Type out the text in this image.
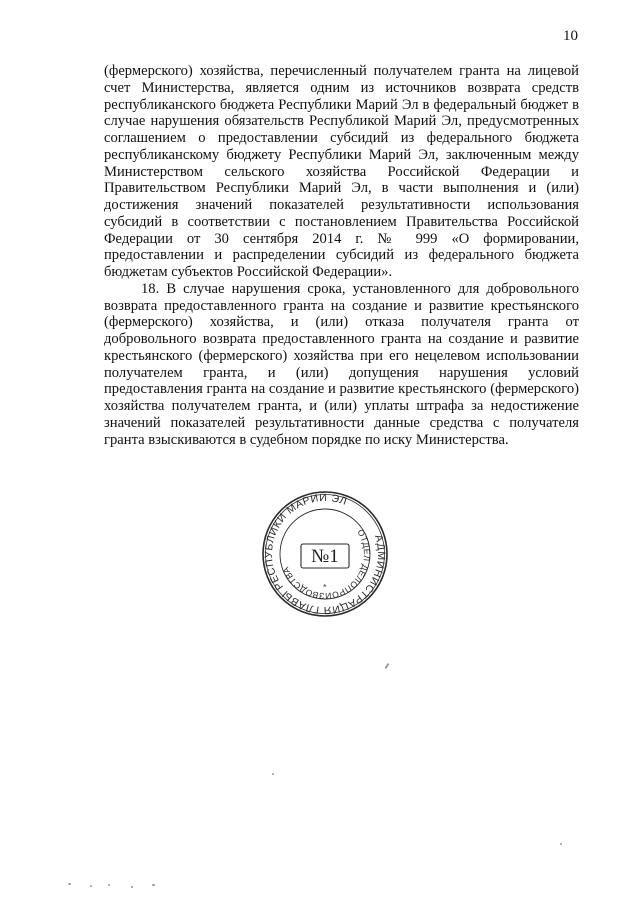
10

(фермерского) хозяйства, перечисленный получателем гранта на лицевой счет Министерства, является одним из источников возврата средств республиканского бюджета Республики Марий Эл в федеральный бюджет в случае нарушения обязательств Республикой Марий Эл, предусмотренных соглашением о предоставлении субсидий из федерального бюджета республиканскому бюджету Республики Марий Эл, заключенным между Министерством сельского хозяйства Российской Федерации и Правительством Республики Марий Эл, в части выполнения и (или) достижения значений показателей результативности использования субсидий в соответствии с постановлением Правительства Российской Федерации от 30 сентября 2014 г. № 999 «О формировании, предоставлении и распределении субсидий из федерального бюджета бюджетам субъектов Российской Федерации».

18. В случае нарушения срока, установленного для добровольного возврата предоставленного гранта на создание и развитие крестьянского (фермерского) хозяйства, и (или) отказа получателя гранта от добровольного возврата предоставленного гранта на создание и развитие крестьянского (фермерского) хозяйства при его нецелевом использовании получателем гранта, и (или) допущения нарушения условий предоставления гранта на создание и развитие крестьянского (фермерского) хозяйства получателем гранта, и (или) уплаты штрафа за недостижение значений показателей результативности данные средства с получателя гранта взыскиваются в судебном порядке по иску Министерства.

АДМИНИСТРАЦИЯ ГЛАВЫ РЕСПУБЛИКИ МАРИЙ ЭЛ
ОТДЕЛ ДЕЛОПРОИЗВОДСТВА
№1
*
